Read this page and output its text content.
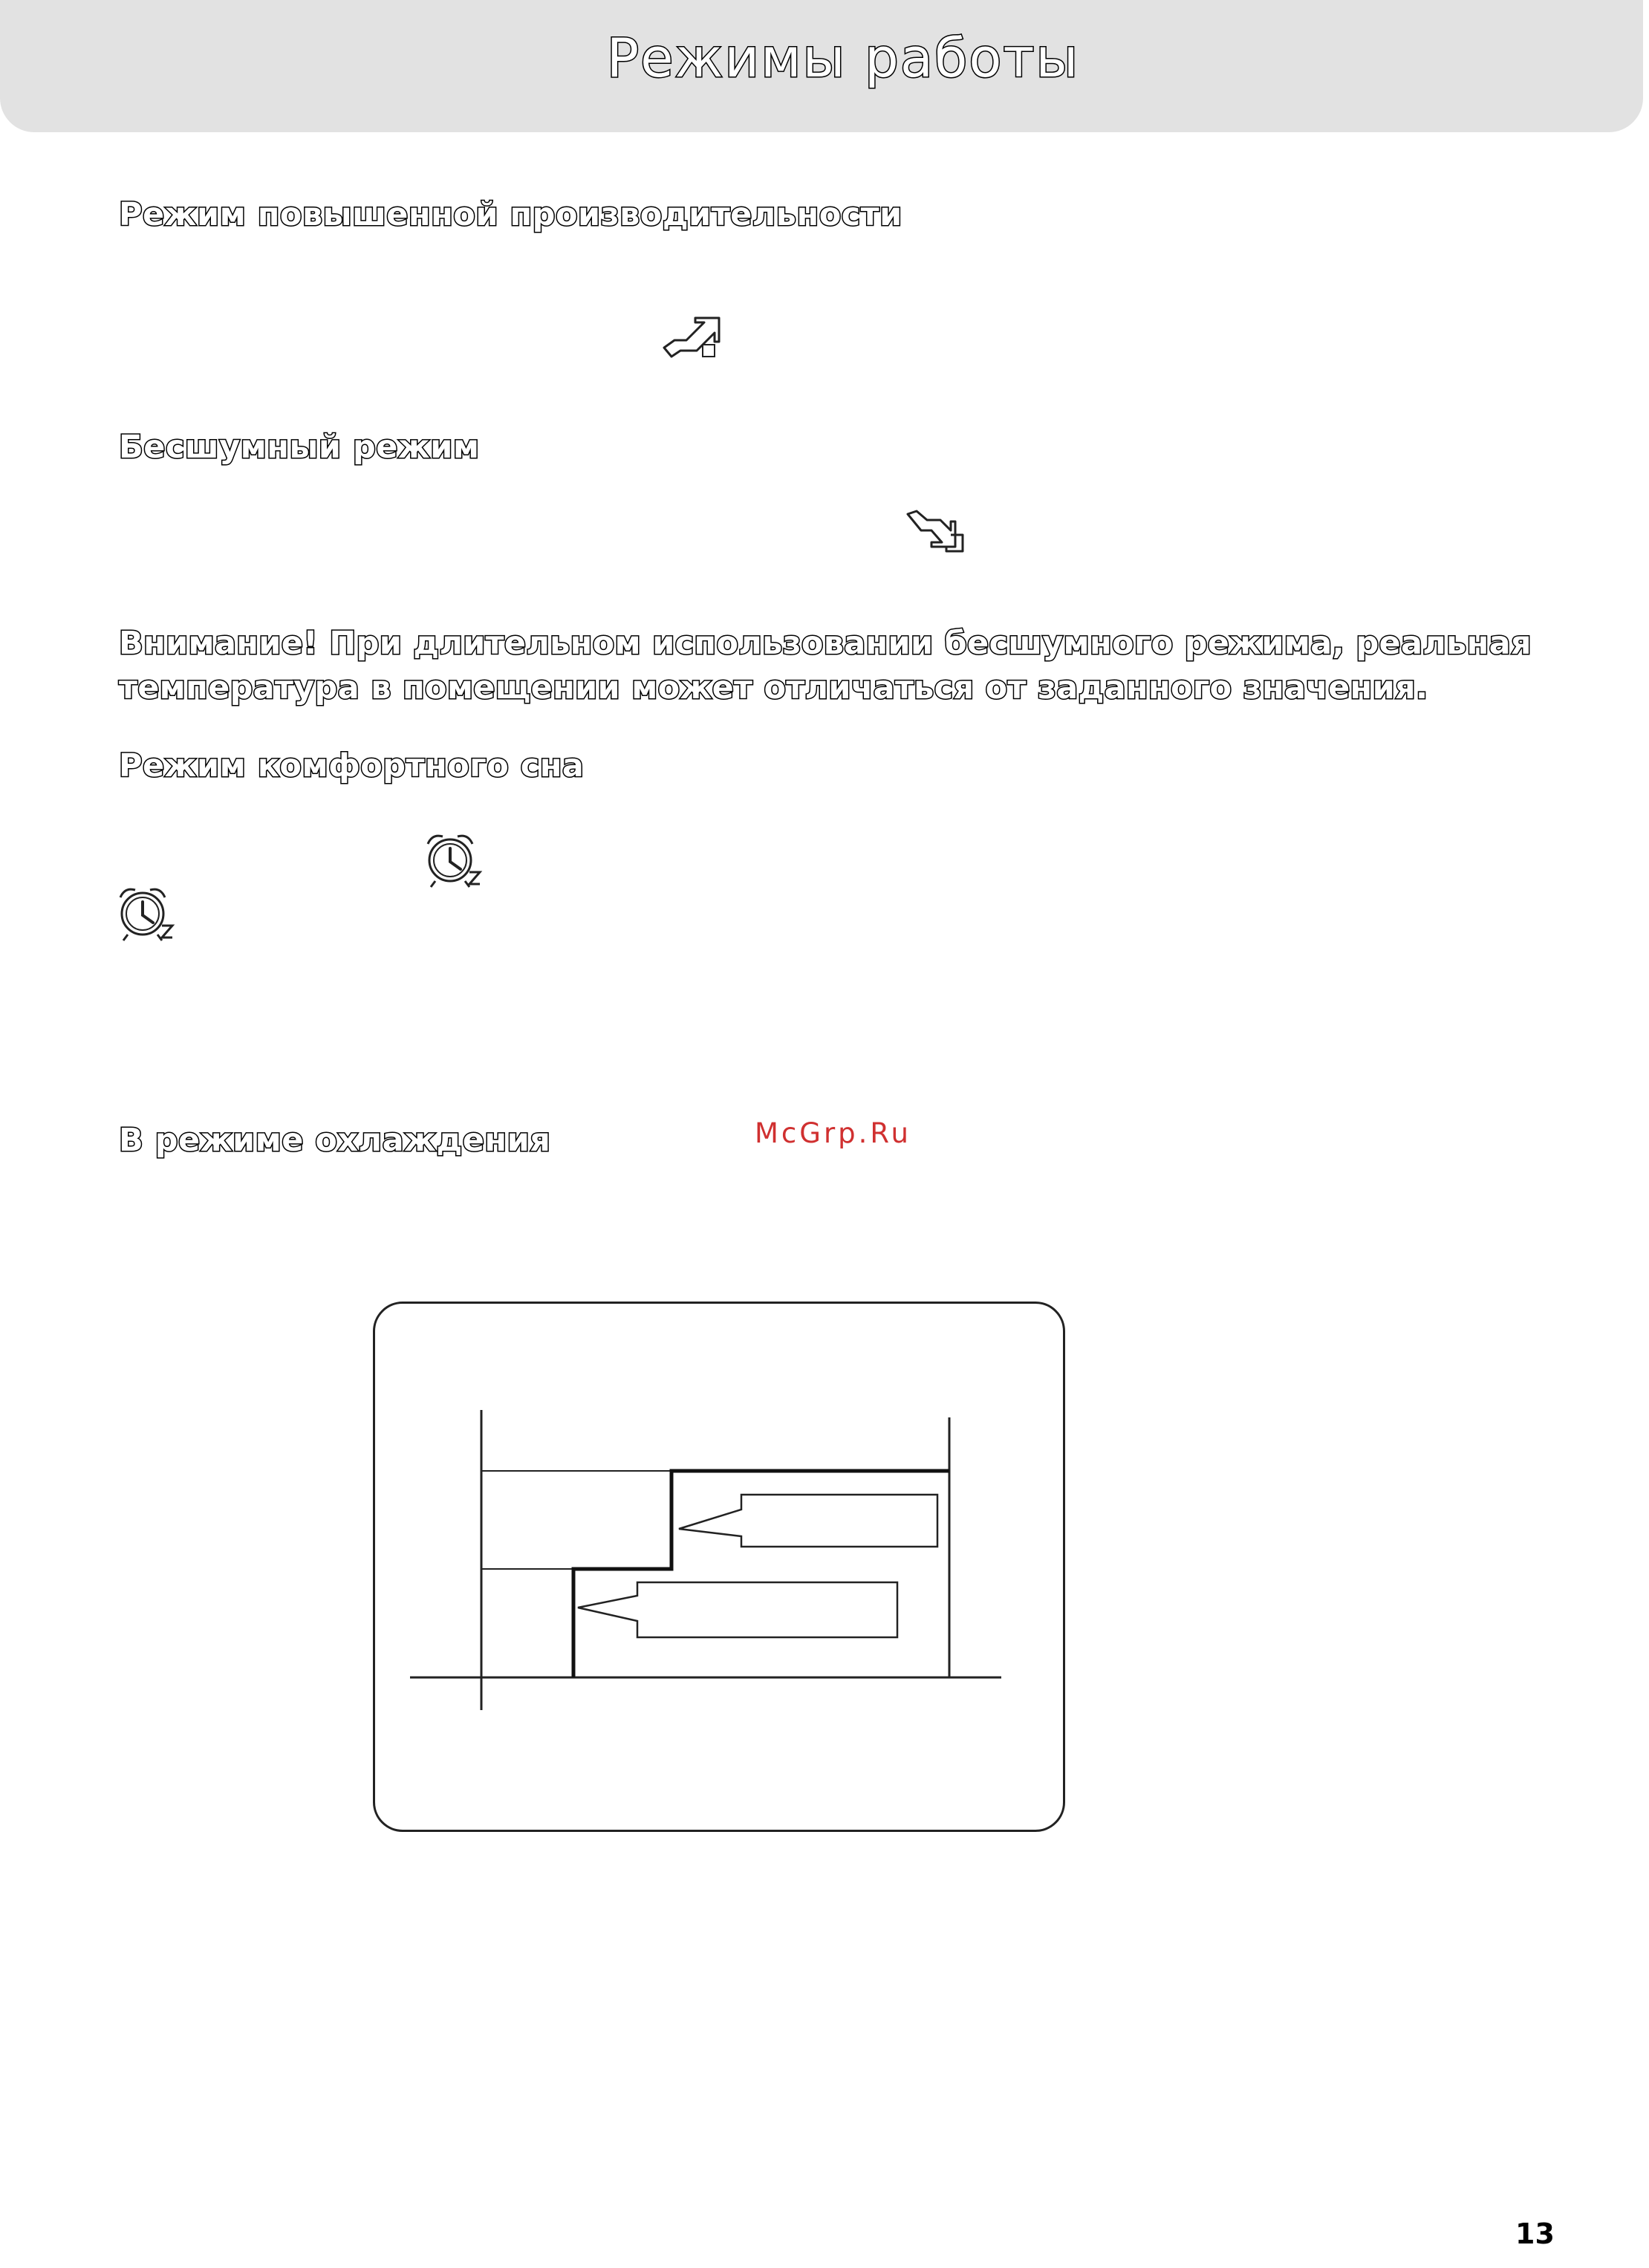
Режимы работы
Режим повышенной производительности
Бесшумный режим
Внимание! При длительном использовании бесшумного режима, реальная
температура в помещении может отличаться от заданного значения.
Режим комфортного сна
В режиме охлаждения	McGrp.Ru
13
